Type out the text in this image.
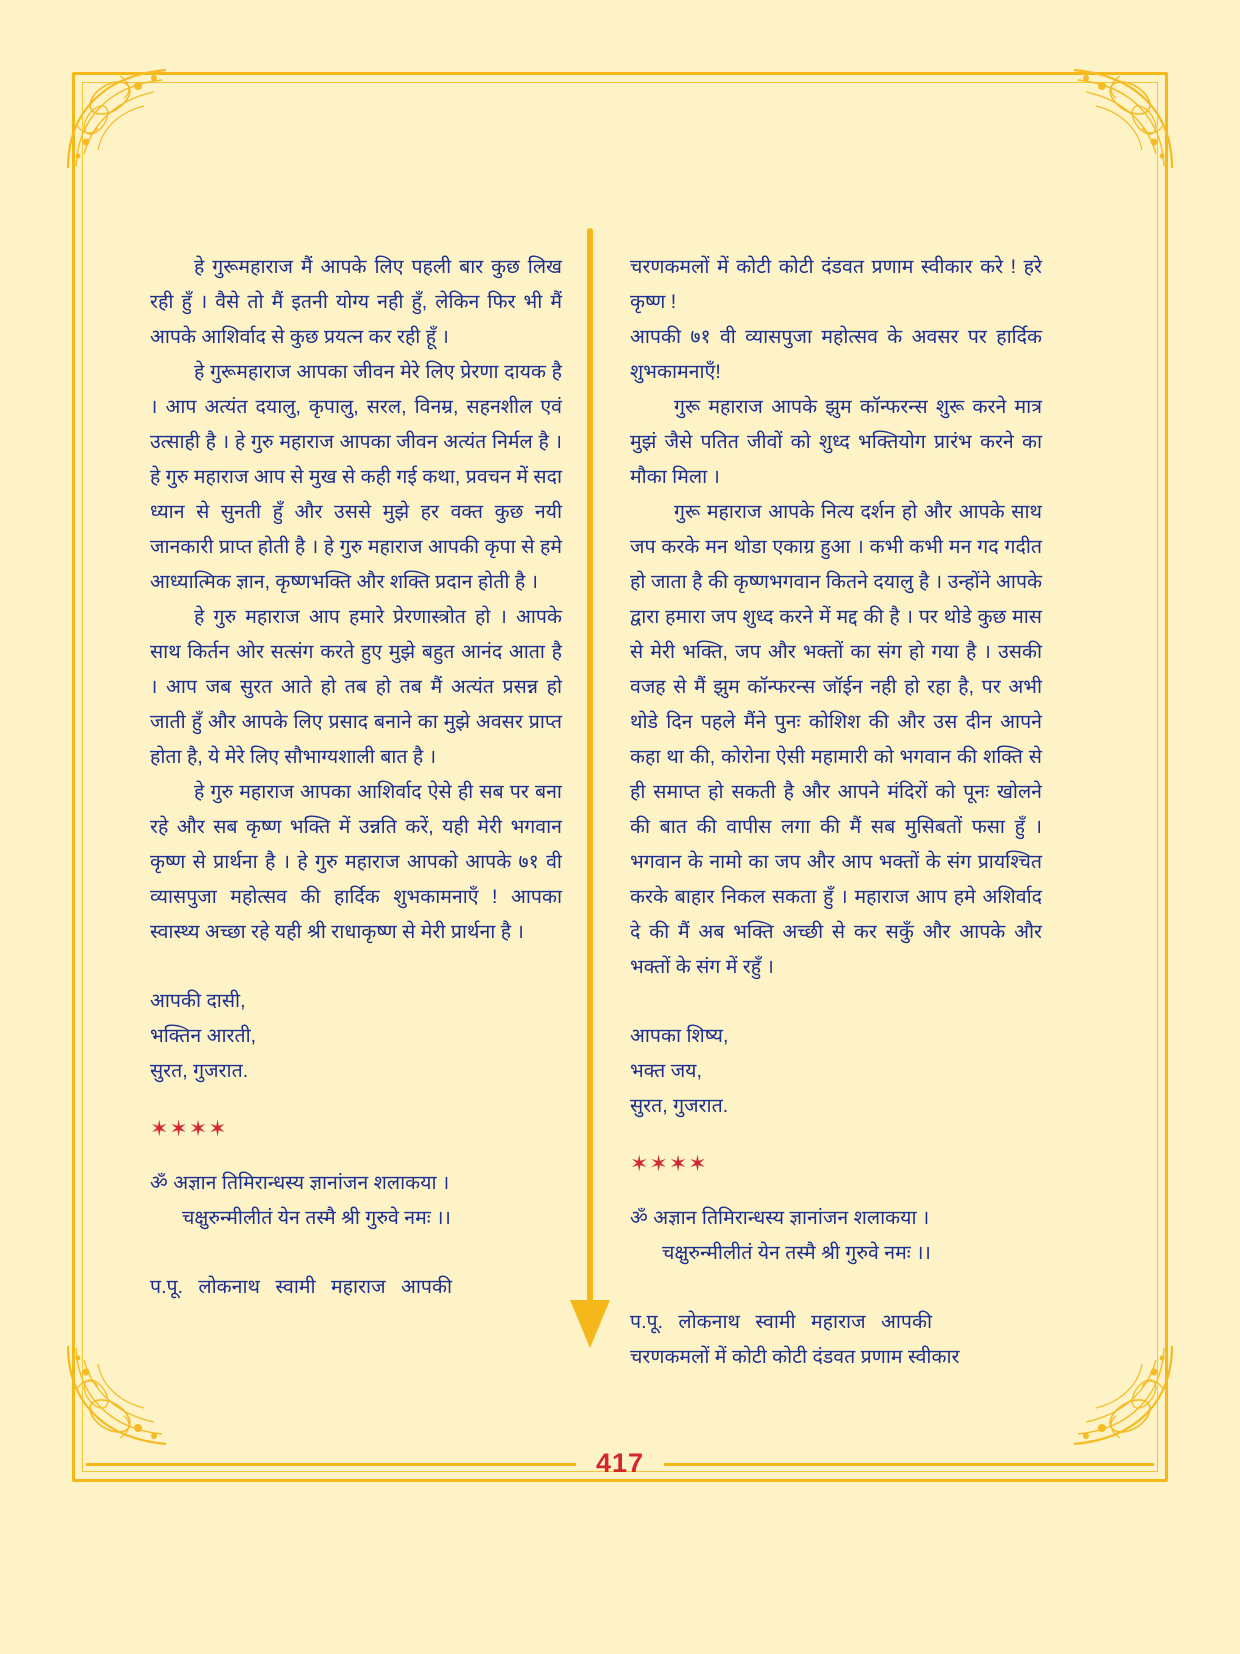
हे गुरूमहाराज मैं आपके लिए पहली बार कुछ लिख रही हुँ । वैसे तो मैं इतनी योग्य नही हुँ, लेकिन फिर भी मैं आपके आशिर्वाद से कुछ प्रयत्न कर रही हूँ ।

हे गुरूमहाराज आपका जीवन मेरे लिए प्रेरणा दायक है । आप अत्यंत दयालु, कृपालु, सरल, विनम्र, सहनशील एवं उत्साही है । हे गुरु महाराज आपका जीवन अत्यंत निर्मल है । हे गुरु महाराज आप से मुख से कही गई कथा, प्रवचन में सदा ध्यान से सुनती हुँ और उससे मुझे हर वक्त कुछ नयी जानकारी प्राप्त होती है । हे गुरु महाराज आपकी कृपा से हमे आध्यात्मिक ज्ञान, कृष्णभक्ति और शक्ति प्रदान होती है ।

हे गुरु महाराज आप हमारे प्रेरणास्त्रोत हो । आपके साथ किर्तन ओर सत्संग करते हुए मुझे बहुत आनंद आता है । आप जब सुरत आते हो तब हो तब मैं अत्यंत प्रसन्न हो जाती हुँ और आपके लिए प्रसाद बनाने का मुझे अवसर प्राप्त होता है, ये मेरे लिए सौभाग्यशाली बात है ।

हे गुरु महाराज आपका आशिर्वाद ऐसे ही सब पर बना रहे और सब कृष्ण भक्ति में उन्नति करें, यही मेरी भगवान कृष्ण से प्रार्थना है । हे गुरु महाराज आपको आपके ७१ वी व्यासपुजा महोत्सव की हार्दिक शुभकामनाएँ ! आपका स्वास्थ्य अच्छा रहे यही श्री राधाकृष्ण से मेरी प्रार्थना है ।

आपकी दासी,

भक्तिन आरती,

सुरत, गुजरात.

✶✶✶✶

ॐ अज्ञान तिमिरान्धस्य ज्ञानांजन शलाकया ।
चक्षुरुन्मीलीतं येन तस्मै श्री गुरुवे नमः ।।

प.पू. लोकनाथ स्वामी महाराज आपकी

चरणकमलों में कोटी कोटी दंडवत प्रणाम स्वीकार करे ! हरे कृष्ण !

आपकी ७१ वी व्यासपुजा महोत्सव के अवसर पर हार्दिक शुभकामनाएँ!

गुरू महाराज आपके झुम कॉन्फरन्स शुरू करने मात्र मुझं जैसे पतित जीवों को शुध्द भक्तियोग प्रारंभ करने का मौका मिला ।

गुरू महाराज आपके नित्य दर्शन हो और आपके साथ जप करके मन थोडा एकाग्र हुआ । कभी कभी मन गद गदीत हो जाता है की कृष्णभगवान कितने दयालु है । उन्होंने आपके द्वारा हमारा जप शुध्द करने में मद्द की है । पर थोडे कुछ मास से मेरी भक्ति, जप और भक्तों का संग हो गया है । उसकी वजह से मैं झुम कॉन्फरन्स जॉईन नही हो रहा है, पर अभी थोडे दिन पहले मैंने पुनः कोशिश की और उस दीन आपने कहा था की, कोरोना ऐसी महामारी को भगवान की शक्ति से ही समाप्त हो सकती है और आपने मंदिरों को पूनः खोलने की बात की वापीस लगा की मैं सब मुसिबतों फसा हुँ । भगवान के नामो का जप और आप भक्तों के संग प्रायश्चित करके बाहार निकल सकता हुँ । महाराज आप हमे अशिर्वाद दे की मैं अब भक्ति अच्छी से कर सकुँ और आपके और भक्तों के संग में रहुँ ।

आपका शिष्य,

भक्त जय,

सुरत, गुजरात.

✶✶✶✶

ॐ अज्ञान तिमिरान्धस्य ज्ञानांजन शलाकया ।
चक्षुरुन्मीलीतं येन तस्मै श्री गुरुवे नमः ।।

प.पू. लोकनाथ स्वामी महाराज आपकी

चरणकमलों में कोटी कोटी दंडवत प्रणाम स्वीकार

417
